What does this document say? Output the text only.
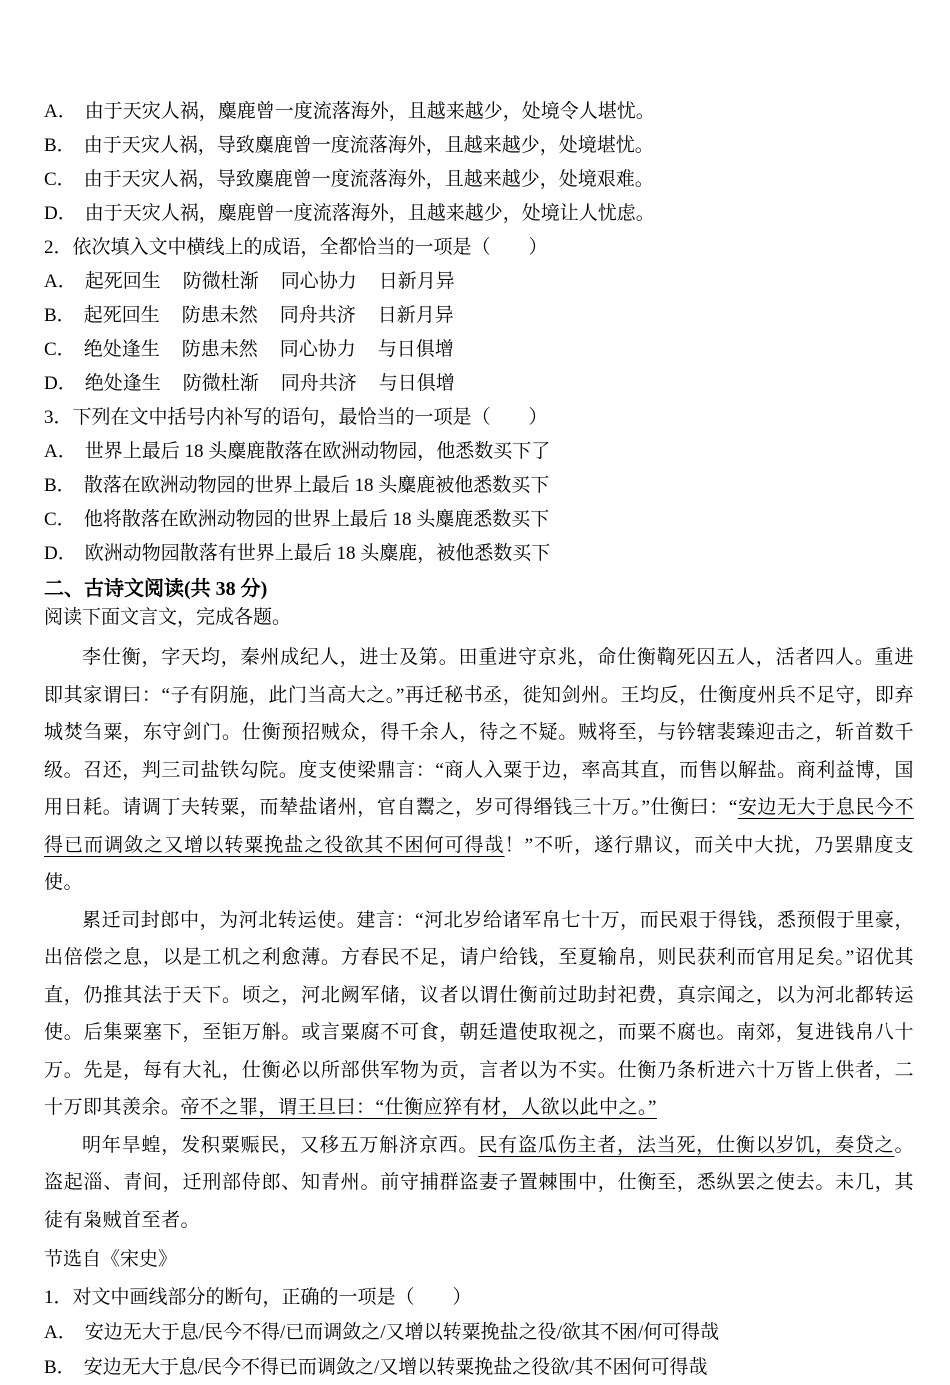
A． 由于天灾人祸，麋鹿曾一度流落海外，且越来越少，处境令人堪忧。
B． 由于天灾人祸，导致麋鹿曾一度流落海外，且越来越少，处境堪忧。
C． 由于天灾人祸，导致麋鹿曾一度流落海外，且越来越少，处境艰难。
D． 由于天灾人祸，麋鹿曾一度流落海外，且越来越少，处境让人忧虑。
2．依次填入文中横线上的成语，全都恰当的一项是（　　）
A． 起死回生 防微杜渐 同心协力 日新月异
B． 起死回生 防患未然 同舟共济 日新月异
C． 绝处逢生 防患未然 同心协力 与日俱增
D． 绝处逢生 防微杜渐 同舟共济 与日俱增
3．下列在文中括号内补写的语句，最恰当的一项是（　　）
A． 世界上最后 18 头麋鹿散落在欧洲动物园，他悉数买下了
B． 散落在欧洲动物园的世界上最后 18 头麋鹿被他悉数买下
C． 他将散落在欧洲动物园的世界上最后 18 头麋鹿悉数买下
D． 欧洲动物园散落有世界上最后 18 头麋鹿，被他悉数买下
二、古诗文阅读(共 38 分)
阅读下面文言文，完成各题。

李仕衡，字天均，秦州成纪人，进士及第。田重进守京兆，命仕衡鞫死囚五人，活者四人。重进即其家谓曰：“子有阴施，此门当高大之。”再迁秘书丞，徙知剑州。王均反，仕衡度州兵不足守，即弃城焚刍粟，东守剑门。仕衡预招贼众，得千余人，待之不疑。贼将至，与钤辖裴臻迎击之，斩首数千级。召还，判三司盐铁勾院。度支使梁鼎言：“商人入粟于边，率高其直，而售以解盐。商利益博，国用日耗。请调丁夫转粟，而辇盐诸州，官自鬻之，岁可得缗钱三十万。”仕衡曰：“安边无大于息民今不得已而调敛之又增以转粟挽盐之役欲其不困何可得哉！”不听，遂行鼎议，而关中大扰，乃罢鼎度支使。

累迁司封郎中，为河北转运使。建言：“河北岁给诸军帛七十万，而民艰于得钱，悉预假于里豪，出倍偿之息，以是工机之利愈薄。方春民不足，请户给钱，至夏输帛，则民获利而官用足矣。”诏优其直，仍推其法于天下。顷之，河北阙军储，议者以谓仕衡前过助封祀费，真宗闻之，以为河北都转运使。后集粟塞下，至钜万斛。或言粟腐不可食，朝廷遣使取视之，而粟不腐也。南郊，复进钱帛八十万。先是，每有大礼，仕衡必以所部供军物为贡，言者以为不实。仕衡乃条析进六十万皆上供者，二十万即其羡余。帝不之罪，谓王旦曰：“仕衡应猝有材，人欲以此中之。”

明年旱蝗，发积粟赈民，又移五万斛济京西。民有盗瓜伤主者，法当死，仕衡以岁饥，奏贷之。盗起淄、青间，迁刑部侍郎、知青州。前守捕群盗妻子置棘围中，仕衡至，悉纵罢之使去。未几，其徒有枭贼首至者。

节选自《宋史》
1．对文中画线部分的断句，正确的一项是（　　）
A． 安边无大于息/民今不得/已而调敛之/又增以转粟挽盐之役/欲其不困/何可得哉
B． 安边无大于息/民今不得已而调敛之/又增以转粟挽盐之役欲/其不困何可得哉
